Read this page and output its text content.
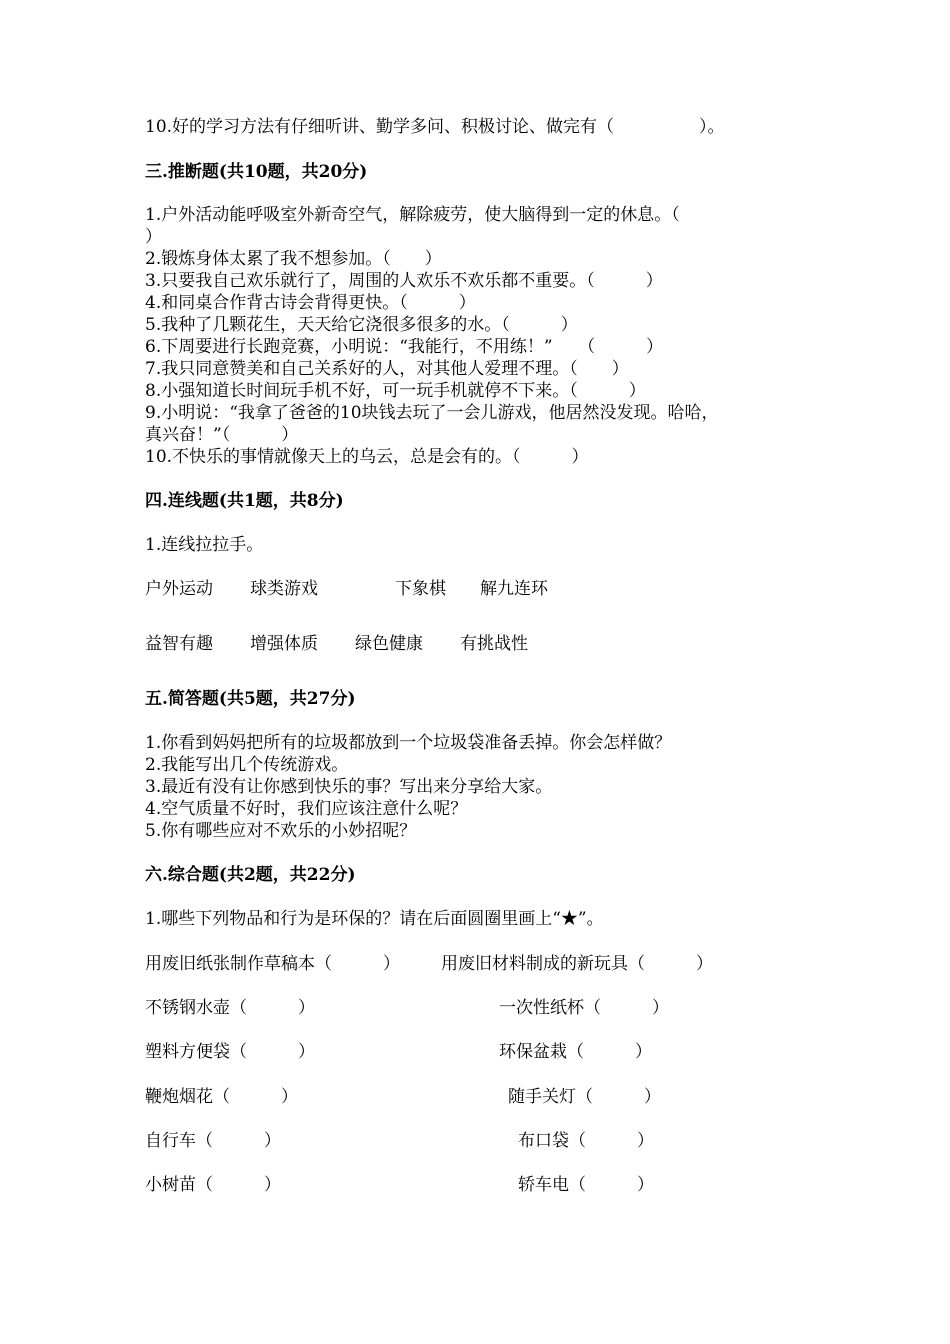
10.好的学习方法有仔细听讲、勤学多问、积极讨论、做完有（　　　　　）。

三.推断题(共10题，共20分)

1.户外活动能呼吸室外新奇空气，解除疲劳，使大脑得到一定的休息。（

）

2.锻炼身体太累了我不想参加。（　　）

3.只要我自己欢乐就行了，周围的人欢乐不欢乐都不重要。（　　　）

4.和同桌合作背古诗会背得更快。（　　　）

5.我种了几颗花生，天天给它浇很多很多的水。（　　　）

6.下周要进行长跑竞赛，小明说：“我能行，不用练！”　　（　　　）

7.我只同意赞美和自己关系好的人，对其他人爱理不理。（　　）

8.小强知道长时间玩手机不好，可一玩手机就停不下来。（　　　）

9.小明说：“我拿了爸爸的10块钱去玩了一会儿游戏，他居然没发现。哈哈，

真兴奋！”（　　　）

10.不快乐的事情就像天上的乌云，总是会有的。（　　　）

四.连线题(共1题，共8分)

1.连线拉拉手。

户外运动 球类游戏	下象棋 解九连环

益智有趣 增强体质 绿色健康 有挑战性

五.简答题(共5题，共27分)

1.你看到妈妈把所有的垃圾都放到一个垃圾袋准备丢掉。你会怎样做？

2.我能写出几个传统游戏。

3.最近有没有让你感到快乐的事？写出来分享给大家。

4.空气质量不好时，我们应该注意什么呢？

5.你有哪些应对不欢乐的小妙招呢？

六.综合题(共2题，共22分)

1.哪些下列物品和行为是环保的？请在后面圆圈里画上“★”。

用废旧纸张制作草稿本（　　　） 用废旧材料制成的新玩具（　　　）

不锈钢水壶（　　　）	一次性纸杯（　　　）

塑料方便袋（　　　）	环保盆栽（　　　）

鞭炮烟花（　　　）	随手关灯（　　　）

自行车（　　　）	布口袋（　　　）

小树苗（　　　）	轿车电（　　　）
